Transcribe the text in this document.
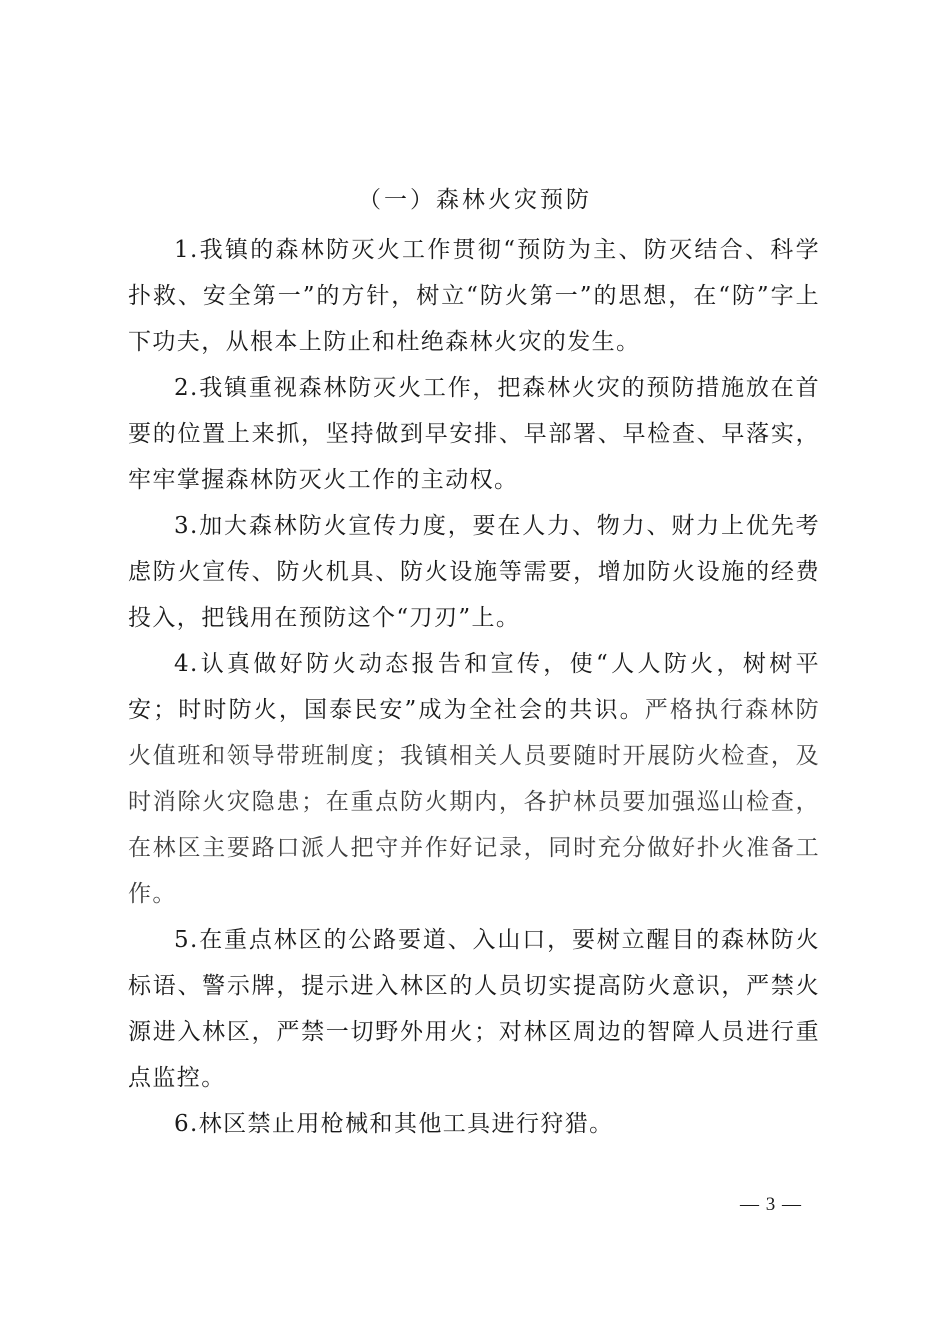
（一）森林火灾预防

1.我镇的森林防灭火工作贯彻“预防为主、防灭结合、科学扑救、安全第一”的方针，树立“防火第一”的思想，在“防”字上下功夫，从根本上防止和杜绝森林火灾的发生。

2.我镇重视森林防灭火工作，把森林火灾的预防措施放在首要的位置上来抓，坚持做到早安排、早部署、早检查、早落实，牢牢掌握森林防灭火工作的主动权。

3.加大森林防火宣传力度，要在人力、物力、财力上优先考虑防火宣传、防火机具、防火设施等需要，增加防火设施的经费投入，把钱用在预防这个“刀刃”上。

4.认真做好防火动态报告和宣传，使“人人防火，树树平安；时时防火，国泰民安”成为全社会的共识。严格执行森林防火值班和领导带班制度；我镇相关人员要随时开展防火检查，及时消除火灾隐患；在重点防火期内，各护林员要加强巡山检查，在林区主要路口派人把守并作好记录，同时充分做好扑火准备工作。

5.在重点林区的公路要道、入山口，要树立醒目的森林防火标语、警示牌，提示进入林区的人员切实提高防火意识，严禁火源进入林区，严禁一切野外用火；对林区周边的智障人员进行重点监控。

6.林区禁止用枪械和其他工具进行狩猎。

— 3 —
